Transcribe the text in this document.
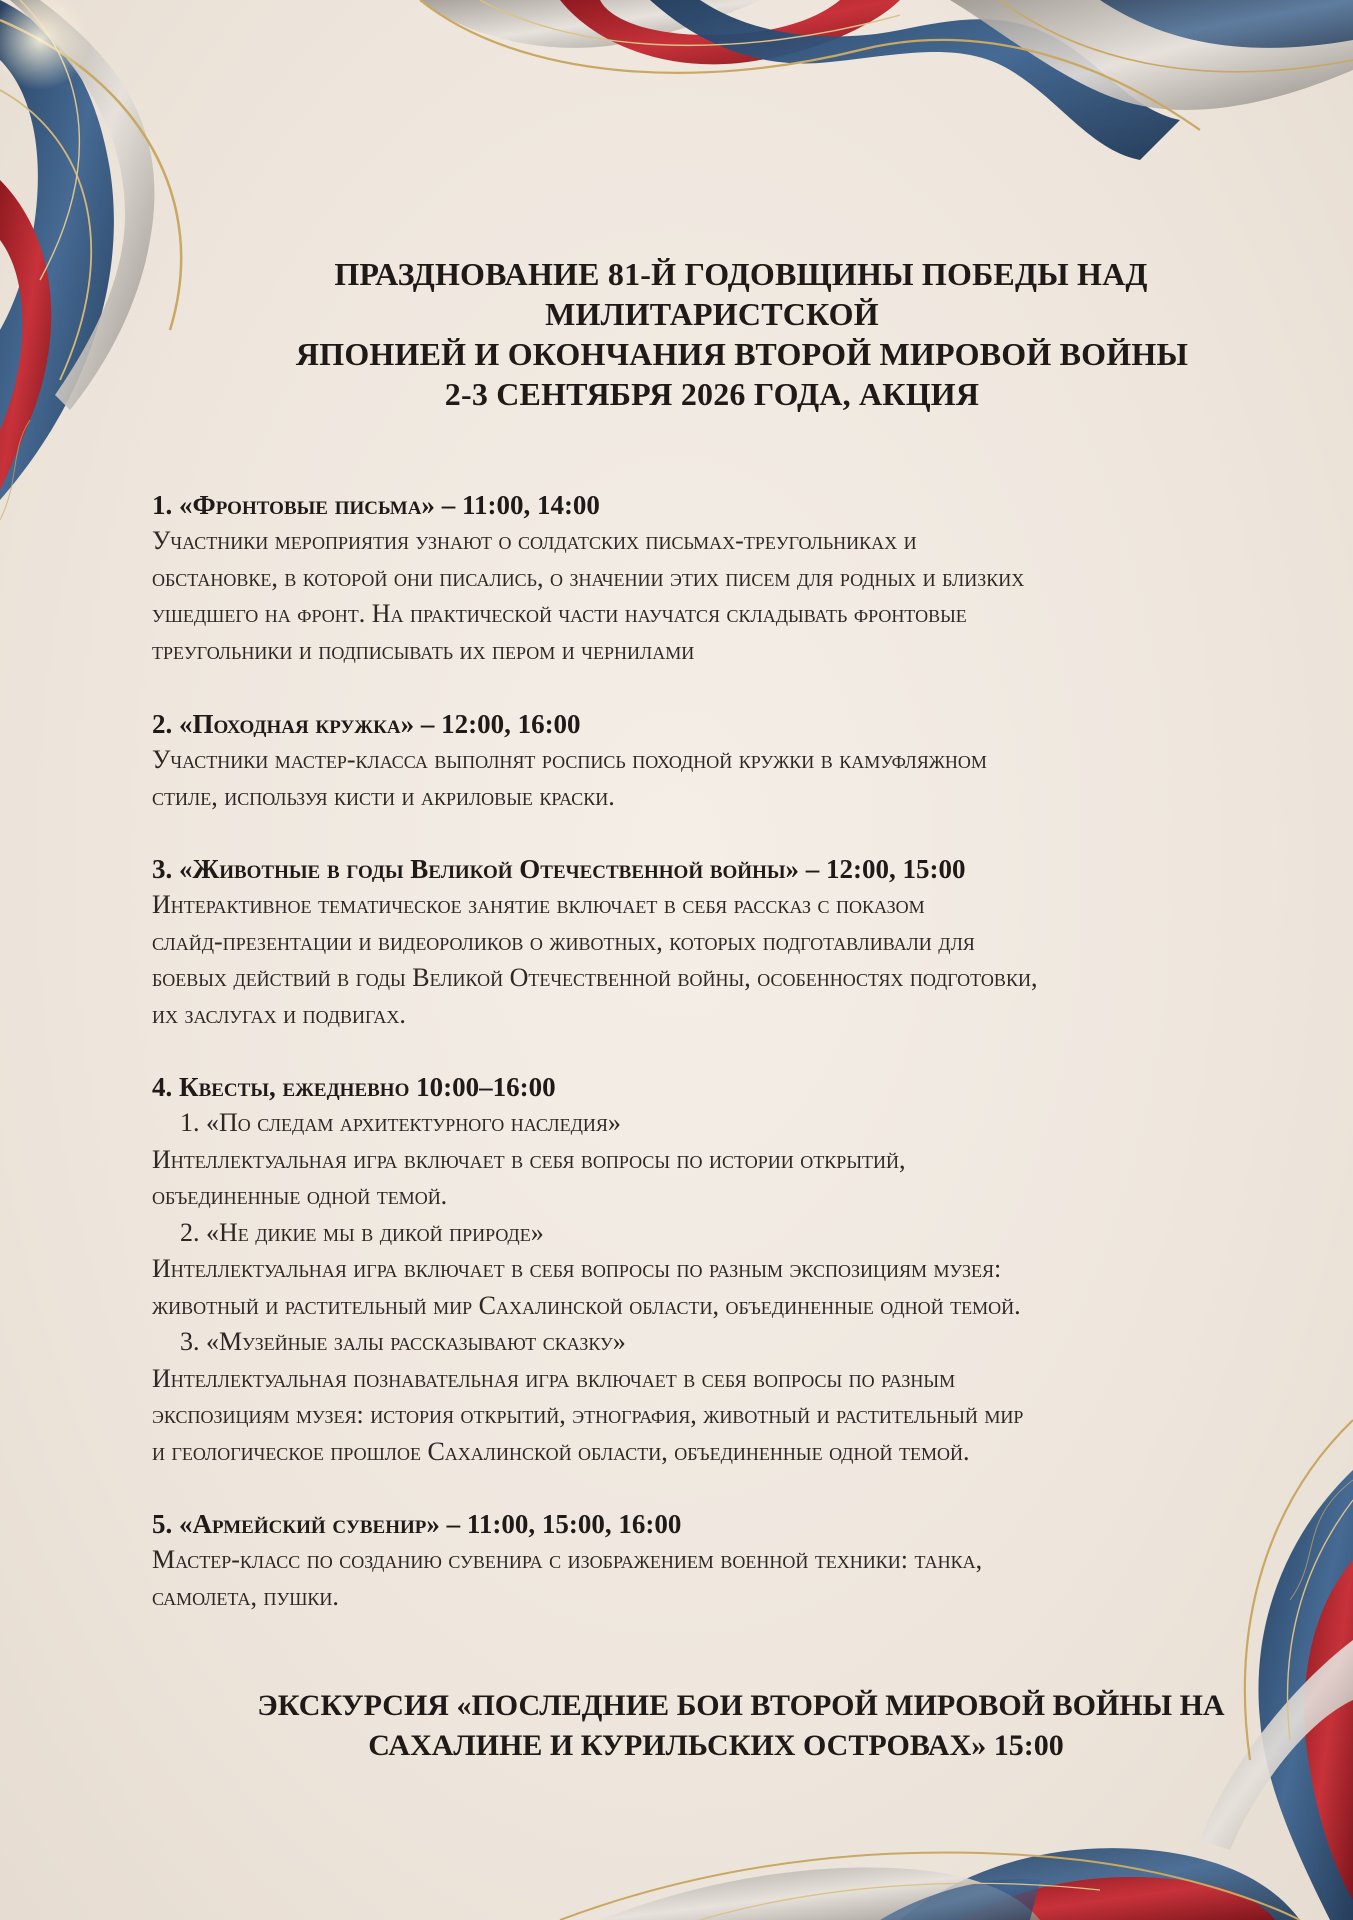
ПРАЗДНОВАНИЕ 81-Й ГОДОВЩИНЫ ПОБЕДЫ НАД
МИЛИТАРИСТСКОЙ
ЯПОНИЕЙ И ОКОНЧАНИЯ ВТОРОЙ МИРОВОЙ ВОЙНЫ
2-3 СЕНТЯБРЯ 2026 ГОДА, АКЦИЯ

1. «Фронтовые письма» – 11:00, 14:00

Участники мероприятия узнают о солдатских письмах-треугольниках и

обстановке, в которой они писались, о значении этих писем для родных и близких

ушедшего на фронт. На практической части научатся складывать фронтовые

треугольники и подписывать их пером и чернилами

2. «Походная кружка» – 12:00, 16:00

Участники мастер-класса выполнят роспись походной кружки в камуфляжном

стиле, используя кисти и акриловые краски.

3. «Животные в годы Великой Отечественной войны» – 12:00, 15:00

Интерактивное тематическое занятие включает в себя рассказ с показом

слайд-презентации и видеороликов о животных, которых подготавливали для

боевых действий в годы Великой Отечественной войны, особенностях подготовки,

их заслугах и подвигах.

4. Квесты, ежедневно 10:00–16:00

1. «По следам архитектурного наследия»

Интеллектуальная игра включает в себя вопросы по истории открытий,

объединенные одной темой.

2. «Не дикие мы в дикой природе»

Интеллектуальная игра включает в себя вопросы по разным экспозициям музея:

животный и растительный мир Сахалинской области, объединенные одной темой.

3. «Музейные залы рассказывают сказку»

Интеллектуальная познавательная игра включает в себя вопросы по разным

экспозициям музея: история открытий, этнография, животный и растительный мир

и геологическое прошлое Сахалинской области, объединенные одной темой.

5. «Армейский сувенир» – 11:00, 15:00, 16:00

Мастер-класс по созданию сувенира с изображением военной техники: танка,

самолета, пушки.

ЭКСКУРСИЯ «ПОСЛЕДНИЕ БОИ ВТОРОЙ МИРОВОЙ ВОЙНЫ НА
САХАЛИНЕ И КУРИЛЬСКИХ ОСТРОВАХ» 15:00
